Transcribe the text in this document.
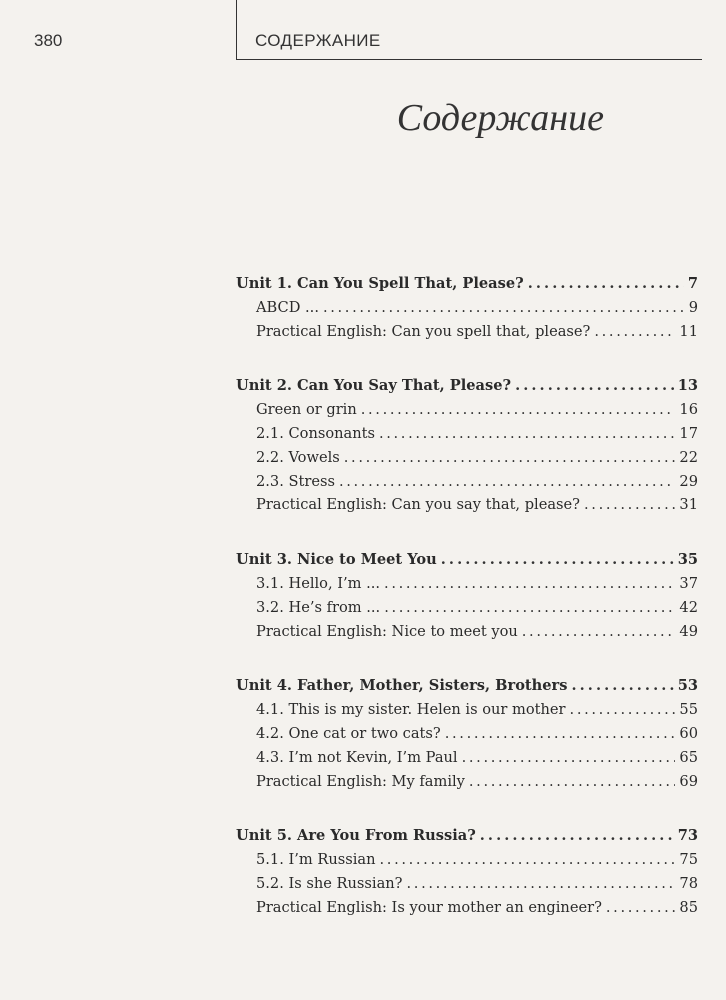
380	СОДЕРЖАНИЕ
Содержание
Unit 1. Can You Spell That, Please? . . .	7
ABCD ... . . .	9
Practical English: Can you spell that, please? . . .	11
Unit 2. Can You Say That, Please? . . .	13
Green or grin . . .	16
2.1. Consonants . . .	17
2.2. Vowels . . .	22
2.3. Stress . . .	29
Practical English: Can you say that, please? . . .	31
Unit 3. Nice to Meet You . . .	35
3.1. Hello, I’m ... . . .	37
3.2. He’s from ... . . .	42
Practical English: Nice to meet you . . .	49
Unit 4. Father, Mother, Sisters, Brothers . . .	53
4.1. This is my sister. Helen is our mother . . .	55
4.2. One cat or two cats? . . .	60
4.3. I’m not Kevin, I’m Paul . . .	65
Practical English: My family . . .	69
Unit 5. Are You From Russia? . . .	73
5.1. I’m Russian . . .	75
5.2. Is she Russian? . . .	78
Practical English: Is your mother an engineer? . . .	85
